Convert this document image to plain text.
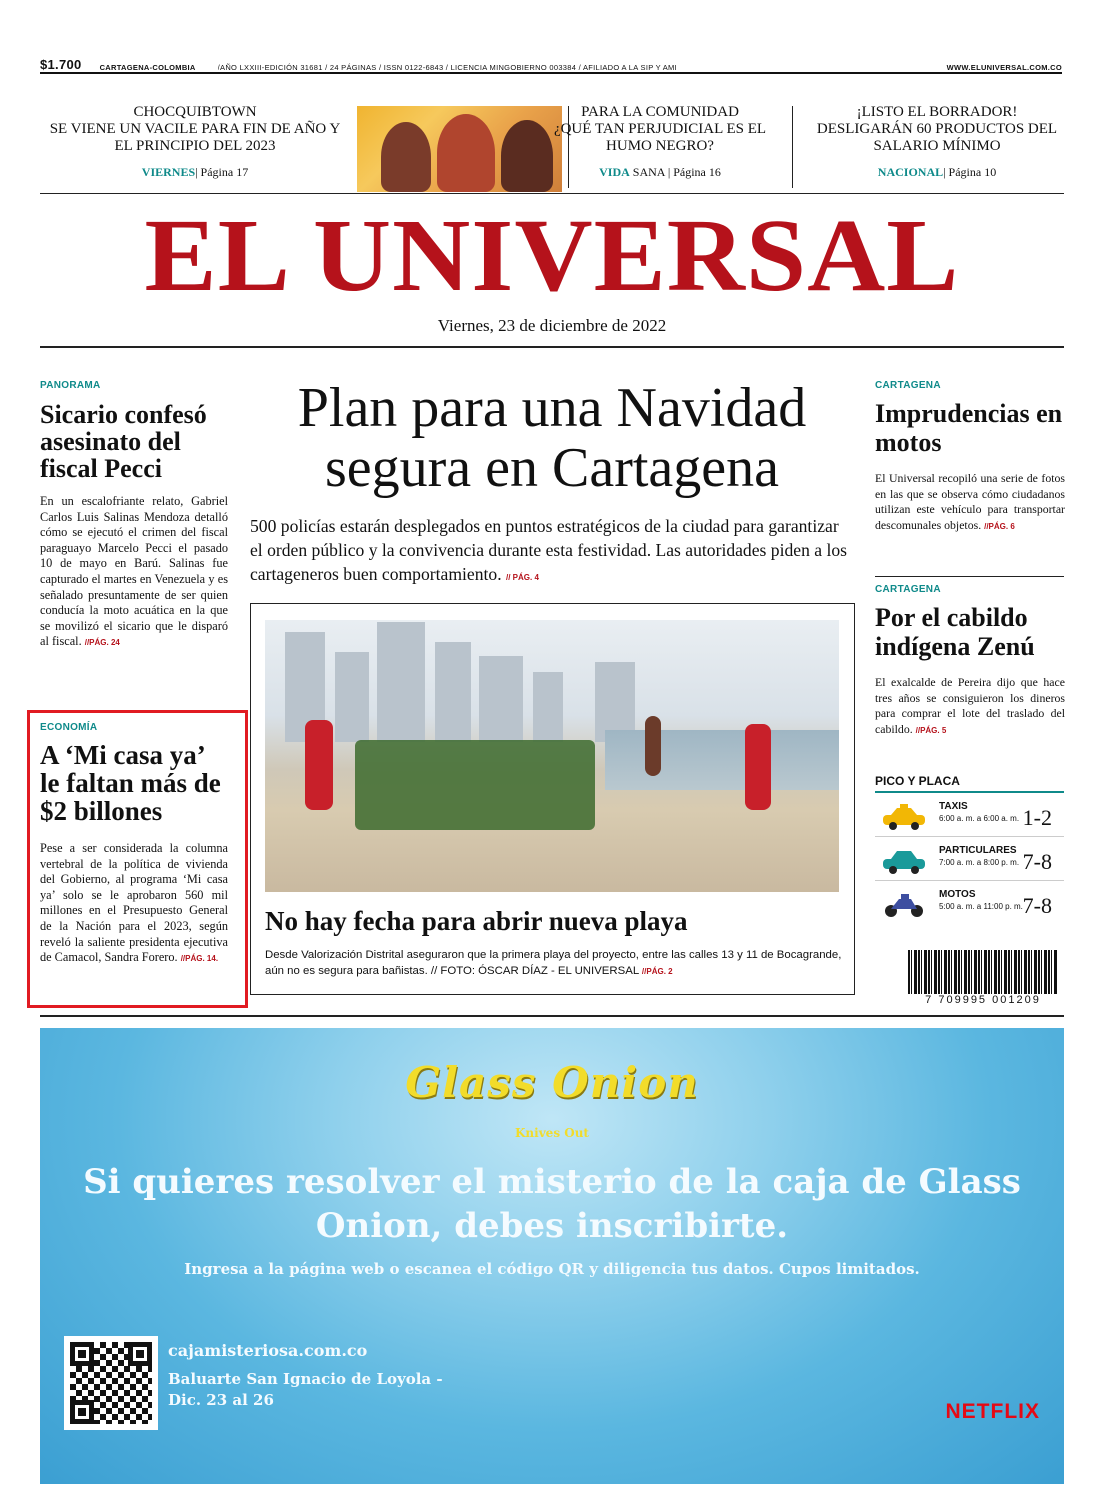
$1.700 CARTAGENA-COLOMBIA	/AÑO LXXIII-EDICIÓN 31681 / 24 PÁGINAS / ISSN 0122-6843 / LICENCIA MINGOBIERNO 003384 / AFILIADO A LA SIP Y AMI	WWW.ELUNIVERSAL.COM.CO
CHOCQUIBTOWN
SE VIENE UN VACILE PARA FIN DE AÑO Y EL PRINCIPIO DEL 2023
VIERNES| Página 17
PARA LA COMUNIDAD
¿QUÉ TAN PERJUDICIAL ES EL HUMO NEGRO?
VIDA SANA | Página 16
¡LISTO EL BORRADOR!
DESLIGARÁN 60 PRODUCTOS DEL SALARIO MÍNIMO
NACIONAL| Página 10
EL UNIVERSAL
Viernes, 23 de diciembre de 2022
PANORAMA
Sicario confesó asesinato del fiscal Pecci
En un escalofriante relato, Gabriel Carlos Luis Salinas Mendoza detalló cómo se ejecutó el crimen del fiscal paraguayo Marcelo Pecci el pasado 10 de mayo en Barú. Salinas fue capturado el martes en Venezuela y es señalado presuntamente de ser quien conducía la moto acuática en la que se movilizó el sicario que le disparó al fiscal. //PÁG. 24
ECONOMÍA
A ‘Mi casa ya’ le faltan más de $2 billones
Pese a ser considerada la columna vertebral de la política de vivienda del Gobierno, al programa ‘Mi casa ya’ solo se le aprobaron 560 mil millones en el Presupuesto General de la Nación para el 2023, según reveló la saliente presidenta ejecutiva de Camacol, Sandra Forero. //PÁG. 14.
Plan para una Navidad segura en Cartagena
500 policías estarán desplegados en puntos estratégicos de la ciudad para garantizar el orden público y la convivencia durante esta festividad. Las autoridades piden a los cartageneros buen comportamiento. // PÁG. 4
No hay fecha para abrir nueva playa
Desde Valorización Distrital aseguraron que la primera playa del proyecto, entre las calles 13 y 11 de Bocagrande, aún no es segura para bañistas. // FOTO: ÓSCAR DÍAZ - EL UNIVERSAL //PÁG. 2
CARTAGENA
Imprudencias en motos
El Universal recopiló una serie de fotos en las que se observa cómo ciudadanos utilizan este vehículo para transportar descomunales objetos. //PÁG. 6
CARTAGENA
Por el cabildo indígena Zenú
El exalcalde de Pereira dijo que hace tres años se consiguieron los dineros para comprar el lote del traslado del cabildo. //PÁG. 5
PICO Y PLACA
TAXIS
6:00 a. m. a 6:00 a. m. 1-2
PARTICULARES
7:00 a. m. a 8:00 p. m. 7-8
MOTOS
5:00 a. m. a 11:00 p. m. 7-8
7 709995 001209
Glass Onion
Knives Out
Si quieres resolver el misterio de la caja de Glass Onion, debes inscribirte.
Ingresa a la página web o escanea el código QR y diligencia tus datos. Cupos limitados.
cajamisteriosa.com.co
Baluarte San Ignacio de Loyola -
Dic. 23 al 26	NETFLIX
